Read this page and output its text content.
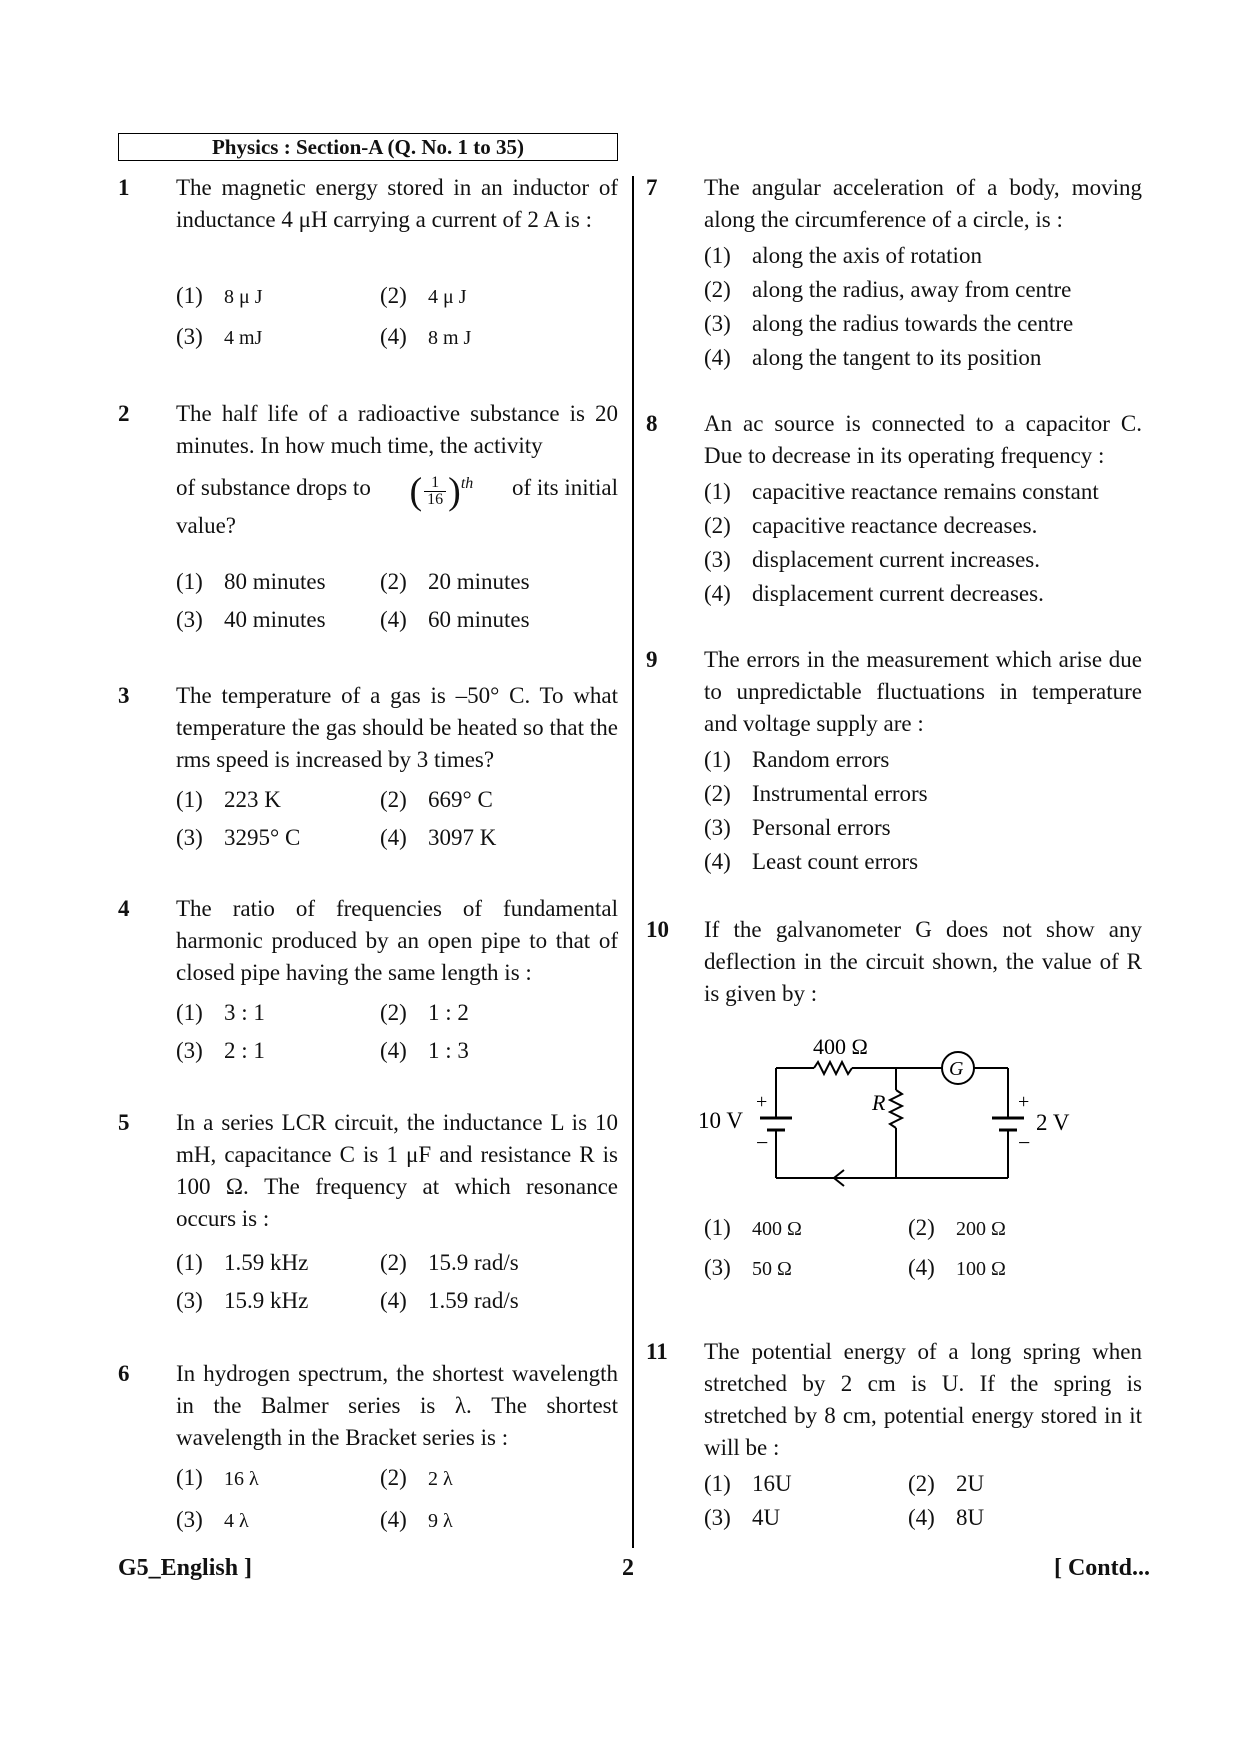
Physics : Section-A (Q. No. 1 to 35)
1 The magnetic energy stored in an inductor of inductance 4 μH carrying a current of 2 A is :
(1) 8 μ J	(2) 4 μ J
(3) 4 mJ	(4) 8 m J
2 The half life of a radioactive substance is 20 minutes. In how much time, the activity
of substance drops to ( $\frac{1}{16} )^{th}$ of its initial
value?
(1) 80 minutes (2) 20 minutes
(3) 40 minutes (4) 60 minutes
3 The temperature of a gas is –50° C. To what temperature the gas should be heated so that the rms speed is increased by 3 times?
(1) 223 K	(2) 669° C
(3) 3295° C	(4) 3097 K
4 The ratio of frequencies of fundamental harmonic produced by an open pipe to that of closed pipe having the same length is :
(1) 3 : 1	(2) 1 : 2
(3) 2 : 1	(4) 1 : 3
5 In a series LCR circuit, the inductance L is 10 mH, capacitance C is 1 μF and resistance R is 100 Ω. The frequency at which resonance occurs is :
(1) 1.59 kHz	(2) 15.9 rad/s
(3) 15.9 kHz	(4) 1.59 rad/s
6 In hydrogen spectrum, the shortest wavelength in the Balmer series is λ. The shortest wavelength in the Bracket series is :
(1) 16 λ	(2) 2 λ
(3) 4 λ	(4) 9 λ
7 The angular acceleration of a body, moving along the circumference of a circle, is :
(1) along the axis of rotation
(2) along the radius, away from centre
(3) along the radius towards the centre
(4) along the tangent to its position
8 An ac source is connected to a capacitor C. Due to decrease in its operating frequency :
(1) capacitive reactance remains constant
(2) capacitive reactance decreases.
(3) displacement current increases.
(4) displacement current decreases.
9 The errors in the measurement which arise due to unpredictable fluctuations in temperature and voltage supply are :
(1) Random errors
(2) Instrumental errors
(3) Personal errors
(4) Least count errors
10 If the galvanometer G does not show any deflection in the circuit shown, the value of R is given by :
(1) 400 Ω	(2) 200 Ω
(3) 50 Ω	(4) 100 Ω
400 Ω
G
R
10 V
+
−
+
−
2 V
11 The potential energy of a long spring when stretched by 2 cm is U. If the spring is stretched by 8 cm, potential energy stored in it will be :
(1) 16U	(2) 2U
(3) 4U	(4) 8U
G5_English ]	2	[ Contd...
